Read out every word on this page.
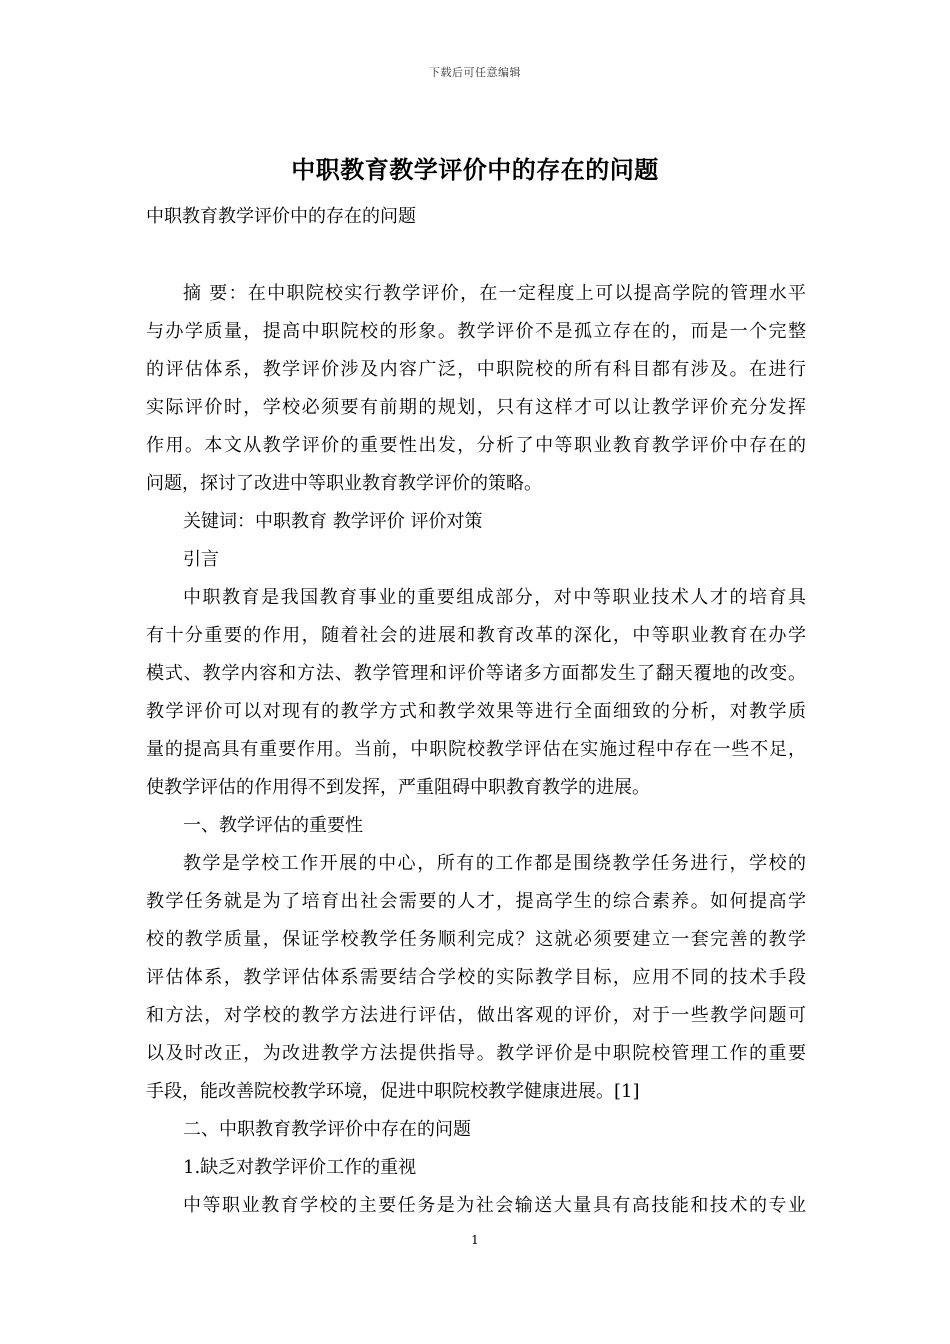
下载后可任意编辑
中职教育教学评价中的存在的问题
中职教育教学评价中的存在的问题
摘 要：在中职院校实行教学评价，在一定程度上可以提高学院的管理水平
与办学质量，提高中职院校的形象。教学评价不是孤立存在的，而是一个完整
的评估体系，教学评价涉及内容广泛，中职院校的所有科目都有涉及。在进行
实际评价时，学校必须要有前期的规划，只有这样才可以让教学评价充分发挥
作用。本文从教学评价的重要性出发，分析了中等职业教育教学评价中存在的
问题，探讨了改进中等职业教育教学评价的策略。
关键词：中职教育 教学评价 评价对策
引言
中职教育是我国教育事业的重要组成部分，对中等职业技术人才的培育具
有十分重要的作用，随着社会的进展和教育改革的深化，中等职业教育在办学
模式、教学内容和方法、教学管理和评价等诸多方面都发生了翻天覆地的改变。
教学评价可以对现有的教学方式和教学效果等进行全面细致的分析，对教学质
量的提高具有重要作用。当前，中职院校教学评估在实施过程中存在一些不足，
使教学评估的作用得不到发挥，严重阻碍中职教育教学的进展。
一、教学评估的重要性
教学是学校工作开展的中心，所有的工作都是围绕教学任务进行，学校的
教学任务就是为了培育出社会需要的人才，提高学生的综合素养。如何提高学
校的教学质量，保证学校教学任务顺利完成？这就必须要建立一套完善的教学
评估体系，教学评估体系需要结合学校的实际教学目标，应用不同的技术手段
和方法，对学校的教学方法进行评估，做出客观的评价，对于一些教学问题可
以及时改正，为改进教学方法提供指导。教学评价是中职院校管理工作的重要
手段，能改善院校教学环境，促进中职院校教学健康进展。[1]
二、中职教育教学评价中存在的问题
1.缺乏对教学评价工作的重视
中等职业教育学校的主要任务是为社会输送大量具有高技能和技术的专业
1
